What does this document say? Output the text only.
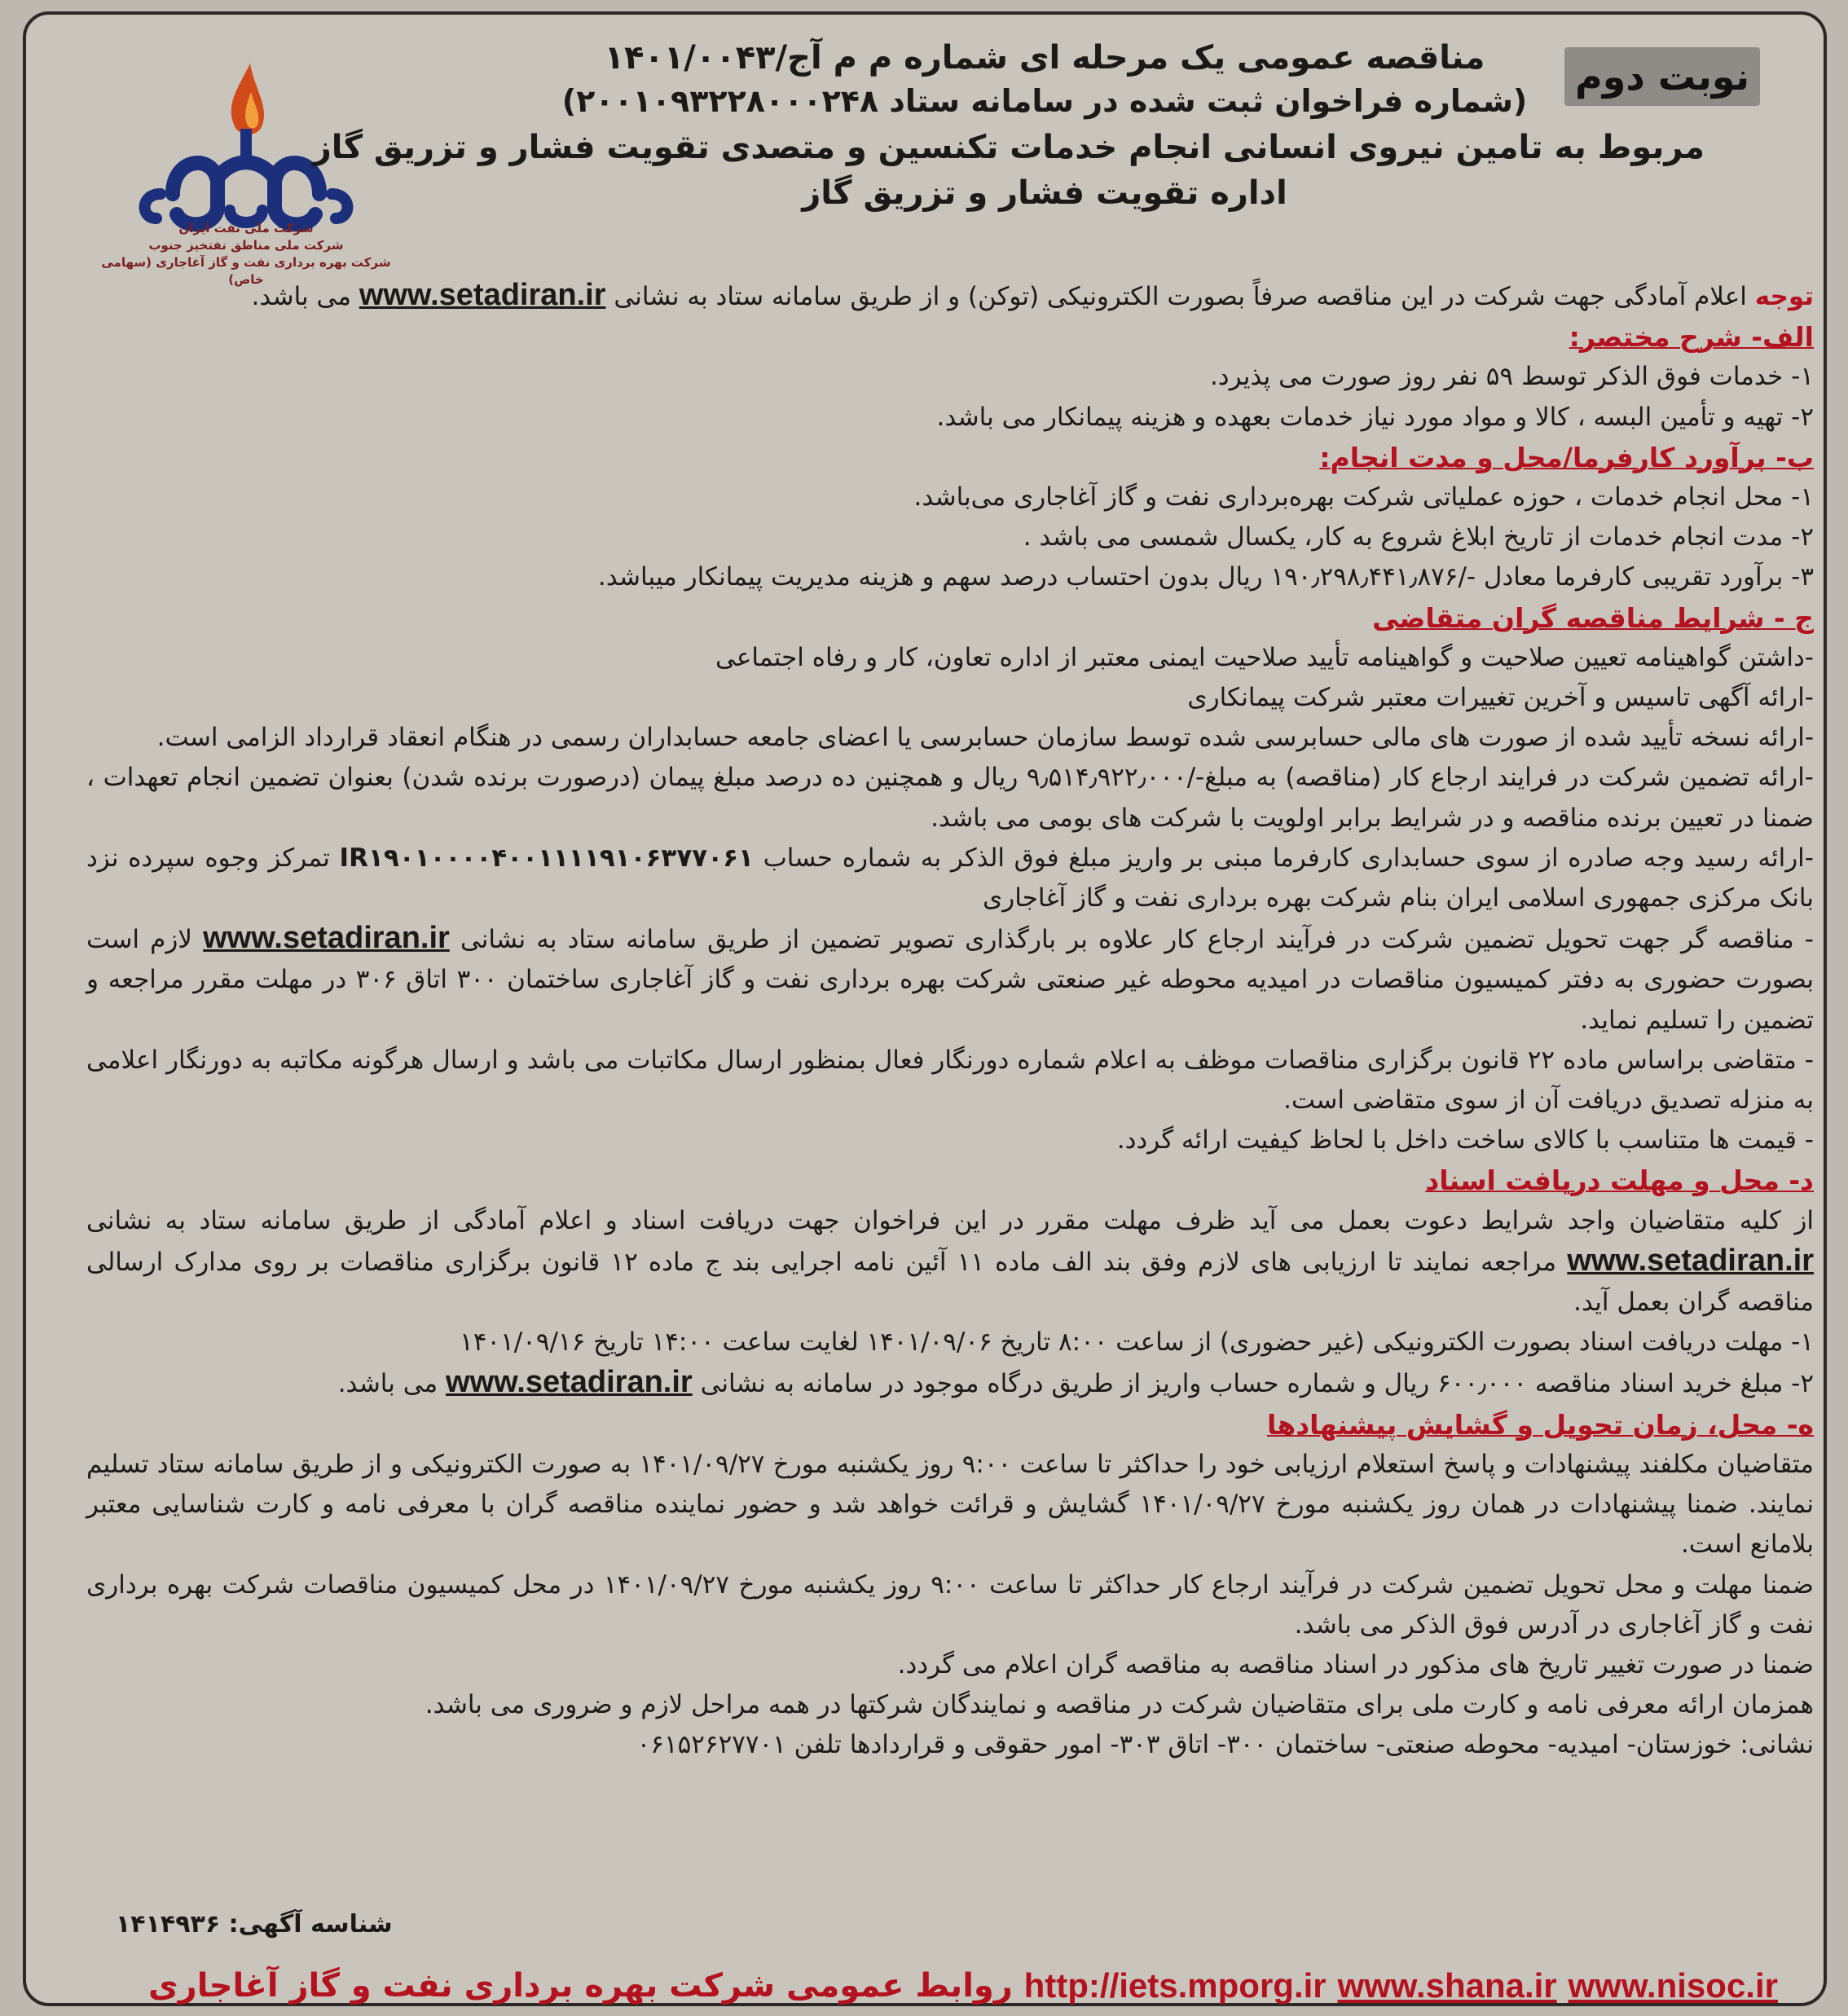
نوبت دوم
شرکت ملی نفت ایران
شرکت ملی مناطق نفتخیز جنوب
شرکت بهره برداری نفت و گاز آغاجاری (سهامی خاص)
مناقصه عمومی یک مرحله ای شماره م م آج/۱۴۰۱/۰۰۴۳
(شماره فراخوان ثبت شده در سامانه ستاد ۲۰۰۱۰۹۳۲۲۸۰۰۰۲۴۸)
مربوط به تامین نیروی انسانی انجام خدمات تکنسین و متصدی تقویت فشار و تزریق گاز
اداره تقویت فشار و تزریق گاز

توجه اعلام آمادگی جهت شرکت در این مناقصه صرفاً بصورت الکترونیکی (توکن) و از طریق سامانه ستاد به نشانی www.setadiran.ir می باشد.

الف- شرح مختصر:

۱- خدمات فوق الذکر توسط ۵۹ نفر روز صورت می پذیرد.

۲- تهیه و تأمین البسه ، کالا و مواد مورد نیاز خدمات بعهده و هزینه پیمانکار می باشد.

ب- برآورد کارفرما/محل و مدت انجام:

۱- محل انجام خدمات ، حوزه عملیاتی شرکت بهره‌برداری نفت و گاز آغاجاری می‌باشد.

۲- مدت انجام خدمات از تاریخ ابلاغ شروع به کار، یکسال شمسی می باشد .

۳- برآورد تقریبی کارفرما معادل -/۱۹۰٫۲۹۸٫۴۴۱٫۸۷۶ ریال بدون احتساب درصد سهم و هزینه مدیریت پیمانکار میباشد.

ج - شرایط مناقصه گران متقاضی

-داشتن گواهینامه تعیین صلاحیت و گواهینامه تأیید صلاحیت ایمنی معتبر از اداره تعاون، کار و رفاه اجتماعی

-ارائه آگهی تاسیس و آخرین تغییرات معتبر شرکت پیمانکاری

-ارائه نسخه تأیید شده از صورت های مالی حسابرسی شده توسط سازمان حسابرسی یا اعضای جامعه حسابداران رسمی در هنگام انعقاد قرارداد الزامی است.

-ارائه تضمین شرکت در فرایند ارجاع کار (مناقصه) به مبلغ-/۹٫۵۱۴٫۹۲۲٫۰۰۰ ریال و همچنین ده درصد مبلغ پیمان (درصورت برنده شدن) بعنوان تضمین انجام تعهدات ، ضمنا در تعیین برنده مناقصه و در شرایط برابر اولویت با شرکت های بومی می باشد.

-ارائه رسید وجه صادره از سوی حسابداری کارفرما مبنی بر واریز مبلغ فوق الذکر به شماره حساب IR۱۹۰۱۰۰۰۰۴۰۰۱۱۱۱۹۱۰۶۳۷۷۰۶۱ تمرکز وجوه سپرده نزد بانک مرکزی جمهوری اسلامی ایران بنام شرکت بهره برداری نفت و گاز آغاجاری

- مناقصه گر جهت تحویل تضمین شرکت در فرآیند ارجاع کار علاوه بر بارگذاری تصویر تضمین از طریق سامانه ستاد به نشانی www.setadiran.ir لازم است بصورت حضوری به دفتر کمیسیون مناقصات در امیدیه محوطه غیر صنعتی شرکت بهره برداری نفت و گاز آغاجاری ساختمان ۳۰۰ اتاق ۳۰۶ در مهلت مقرر مراجعه و تضمین را تسلیم نماید.

- متقاضی براساس ماده ۲۲ قانون برگزاری مناقصات موظف به اعلام شماره دورنگار فعال بمنظور ارسال مکاتبات می باشد و ارسال هرگونه مکاتبه به دورنگار اعلامی به منزله تصدیق دریافت آن از سوی متقاضی است.

- قیمت ها متناسب با کالای ساخت داخل با لحاظ کیفیت ارائه گردد.

د- محل و مهلت دریافت اسناد

از کلیه متقاضیان واجد شرایط دعوت بعمل می آید ظرف مهلت مقرر در این فراخوان جهت دریافت اسناد و اعلام آمادگی از طریق سامانه ستاد به نشانی www.setadiran.ir مراجعه نمایند تا ارزیابی های لازم وفق بند الف ماده ۱۱ آئین نامه اجرایی بند ج ماده ۱۲ قانون برگزاری مناقصات بر روی مدارک ارسالی مناقصه گران بعمل آید.

۱- مهلت دریافت اسناد بصورت الکترونیکی (غیر حضوری) از ساعت ۸:۰۰ تاریخ ۱۴۰۱/۰۹/۰۶ لغایت ساعت ۱۴:۰۰ تاریخ ۱۴۰۱/۰۹/۱۶

۲- مبلغ خرید اسناد مناقصه ۶۰۰٫۰۰۰ ریال و شماره حساب واریز از طریق درگاه موجود در سامانه به نشانی www.setadiran.ir می باشد.

ه- محل، زمان تحویل و گشایش پیشنهادها

متقاضیان مکلفند پیشنهادات و پاسخ استعلام ارزیابی خود را حداکثر تا ساعت ۹:۰۰ روز یکشنبه مورخ ۱۴۰۱/۰۹/۲۷ به صورت الکترونیکی و از طریق سامانه ستاد تسلیم نمایند. ضمنا پیشنهادات در همان روز یکشنبه مورخ ۱۴۰۱/۰۹/۲۷ گشایش و قرائت خواهد شد و حضور نماینده مناقصه گران با معرفی نامه و کارت شناسایی معتبر بلامانع است.

ضمنا مهلت و محل تحویل تضمین شرکت در فرآیند ارجاع کار حداکثر تا ساعت ۹:۰۰ روز یکشنبه مورخ ۱۴۰۱/۰۹/۲۷ در محل کمیسیون مناقصات شرکت بهره برداری نفت و گاز آغاجاری در آدرس فوق الذکر می باشد.

ضمنا در صورت تغییر تاریخ های مذکور در اسناد مناقصه به مناقصه گران اعلام می گردد.

همزمان ارائه معرفی نامه و کارت ملی برای متقاضیان شرکت در مناقصه و نمایندگان شرکتها در همه مراحل لازم و ضروری می باشد.

نشانی: خوزستان- امیدیه- محوطه صنعتی- ساختمان ۳۰۰- اتاق ۳۰۳- امور حقوقی و قراردادها تلفن ۰۶۱۵۲۶۲۷۷۰۱

شناسه آگهی: ۱۴۱۴۹۳۶
www.nisoc.ir
www.shana.ir
http://iets.mporg.ir
روابط عمومی شرکت بهره برداری نفت و گاز آغاجاری
